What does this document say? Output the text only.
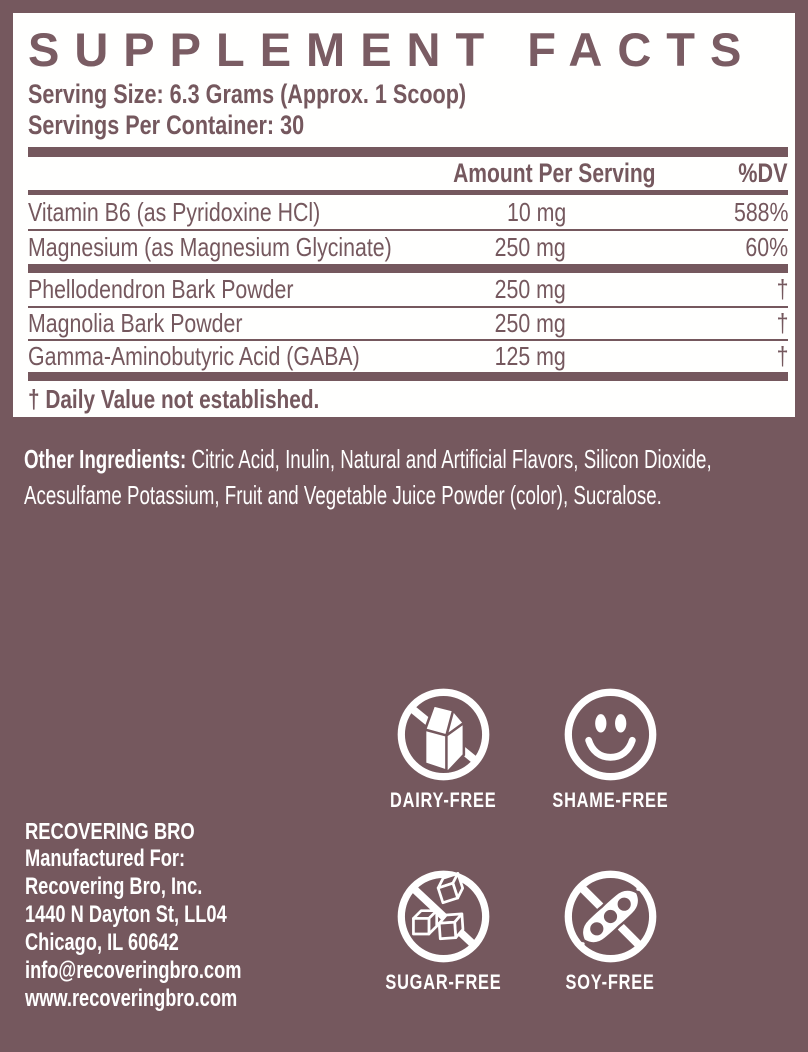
SUPPLEMENT FACTS
Serving Size: 6.3 Grams (Approx. 1 Scoop)
Servings Per Container: 30
Amount Per Serving	%DV
Vitamin B6 (as Pyridoxine HCl)	10 mg	588%
Magnesium (as Magnesium Glycinate)	250 mg	60%
Phellodendron Bark Powder	250 mg	†
Magnolia Bark Powder	250 mg	†
Gamma-Aminobutyric Acid (GABA)	125 mg	†
† Daily Value not established.
Other Ingredients: Citric Acid, Inulin, Natural and Artificial Flavors, Silicon Dioxide,
Acesulfame Potassium, Fruit and Vegetable Juice Powder (color), Sucralose.
DAIRY-FREE	SHAME-FREE
SUGAR-FREE	SOY-FREE
RECOVERING BRO
Manufactured For:
Recovering Bro, Inc.
1440 N Dayton St, LL04
Chicago, IL 60642
info@recoveringbro.com
www.recoveringbro.com
